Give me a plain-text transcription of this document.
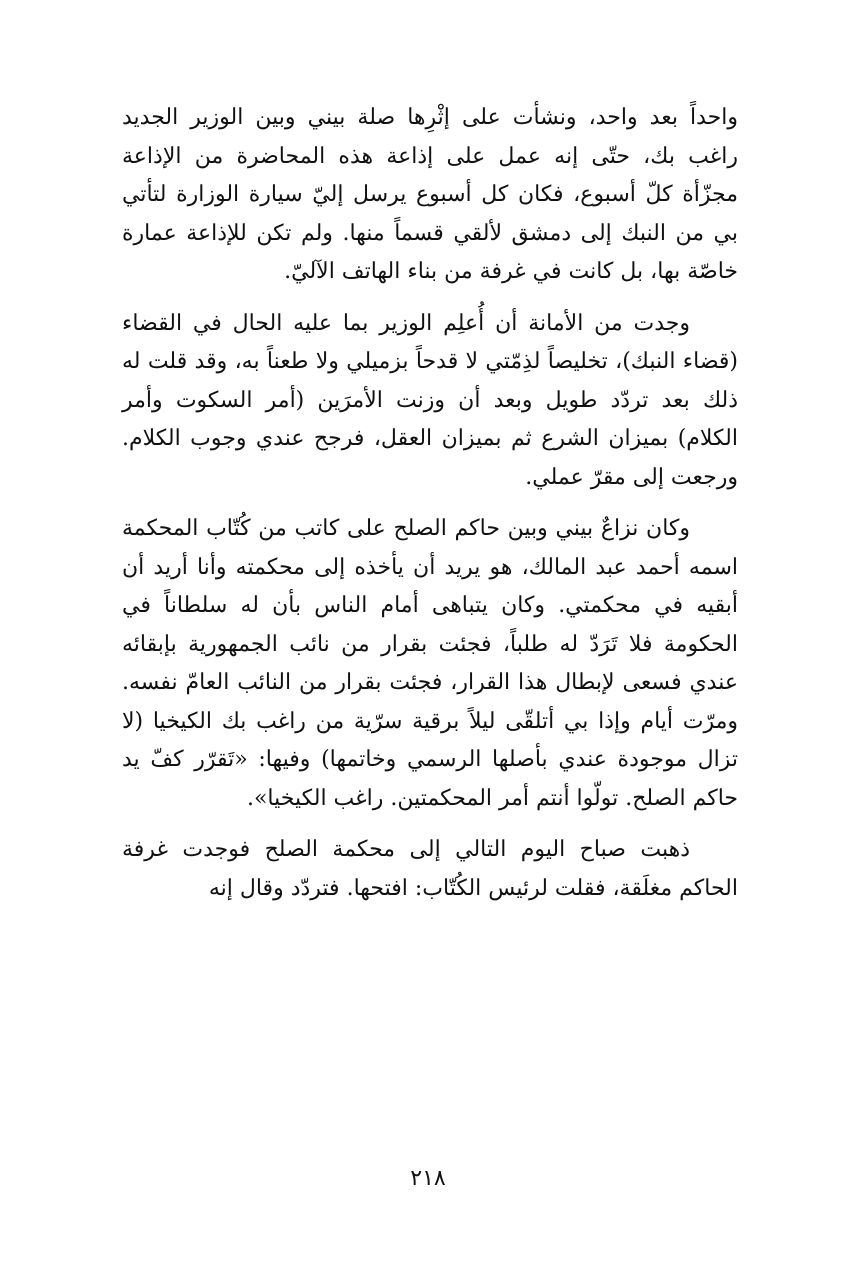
واحداً بعد واحد، ونشأت على إثْرِها صلة بيني وبين الوزير الجديد راغب بك، حتّى إنه عمل على إذاعة هذه المحاضرة من الإذاعة مجزّأة كلّ أسبوع، فكان كل أسبوع يرسل إليّ سيارة الوزارة لتأتي بي من النبك إلى دمشق لألقي قسماً منها. ولم تكن للإذاعة عمارة خاصّة بها، بل كانت في غرفة من بناء الهاتف الآليّ.

وجدت من الأمانة أن أُعلِم الوزير بما عليه الحال في القضاء (قضاء النبك)، تخليصاً لذِمّتي لا قدحاً بزميلي ولا طعناً به، وقد قلت له ذلك بعد تردّد طويل وبعد أن وزنت الأمرَين (أمر السكوت وأمر الكلام) بميزان الشرع ثم بميزان العقل، فرجح عندي وجوب الكلام. ورجعت إلى مقرّ عملي.

وكان نزاعٌ بيني وبين حاكم الصلح على كاتب من كُتّاب المحكمة اسمه أحمد عبد المالك، هو يريد أن يأخذه إلى محكمته وأنا أريد أن أبقيه في محكمتي. وكان يتباهى أمام الناس بأن له سلطاناً في الحكومة فلا تَرَدّ له طلباً، فجئت بقرار من نائب الجمهورية بإبقائه عندي فسعى لإبطال هذا القرار، فجئت بقرار من النائب العامّ نفسه. ومرّت أيام وإذا بي أتلقّى ليلاً برقية سرّية من راغب بك الكيخيا (لا تزال موجودة عندي بأصلها الرسمي وخاتمها) وفيها: «تَقرّر كفّ يد حاكم الصلح. تولّوا أنتم أمر المحكمتين. راغب الكيخيا».

ذهبت صباح اليوم التالي إلى محكمة الصلح فوجدت غرفة الحاكم مغلَقة، فقلت لرئيس الكُتّاب: افتحها. فتردّد وقال إنه

٢١٨
